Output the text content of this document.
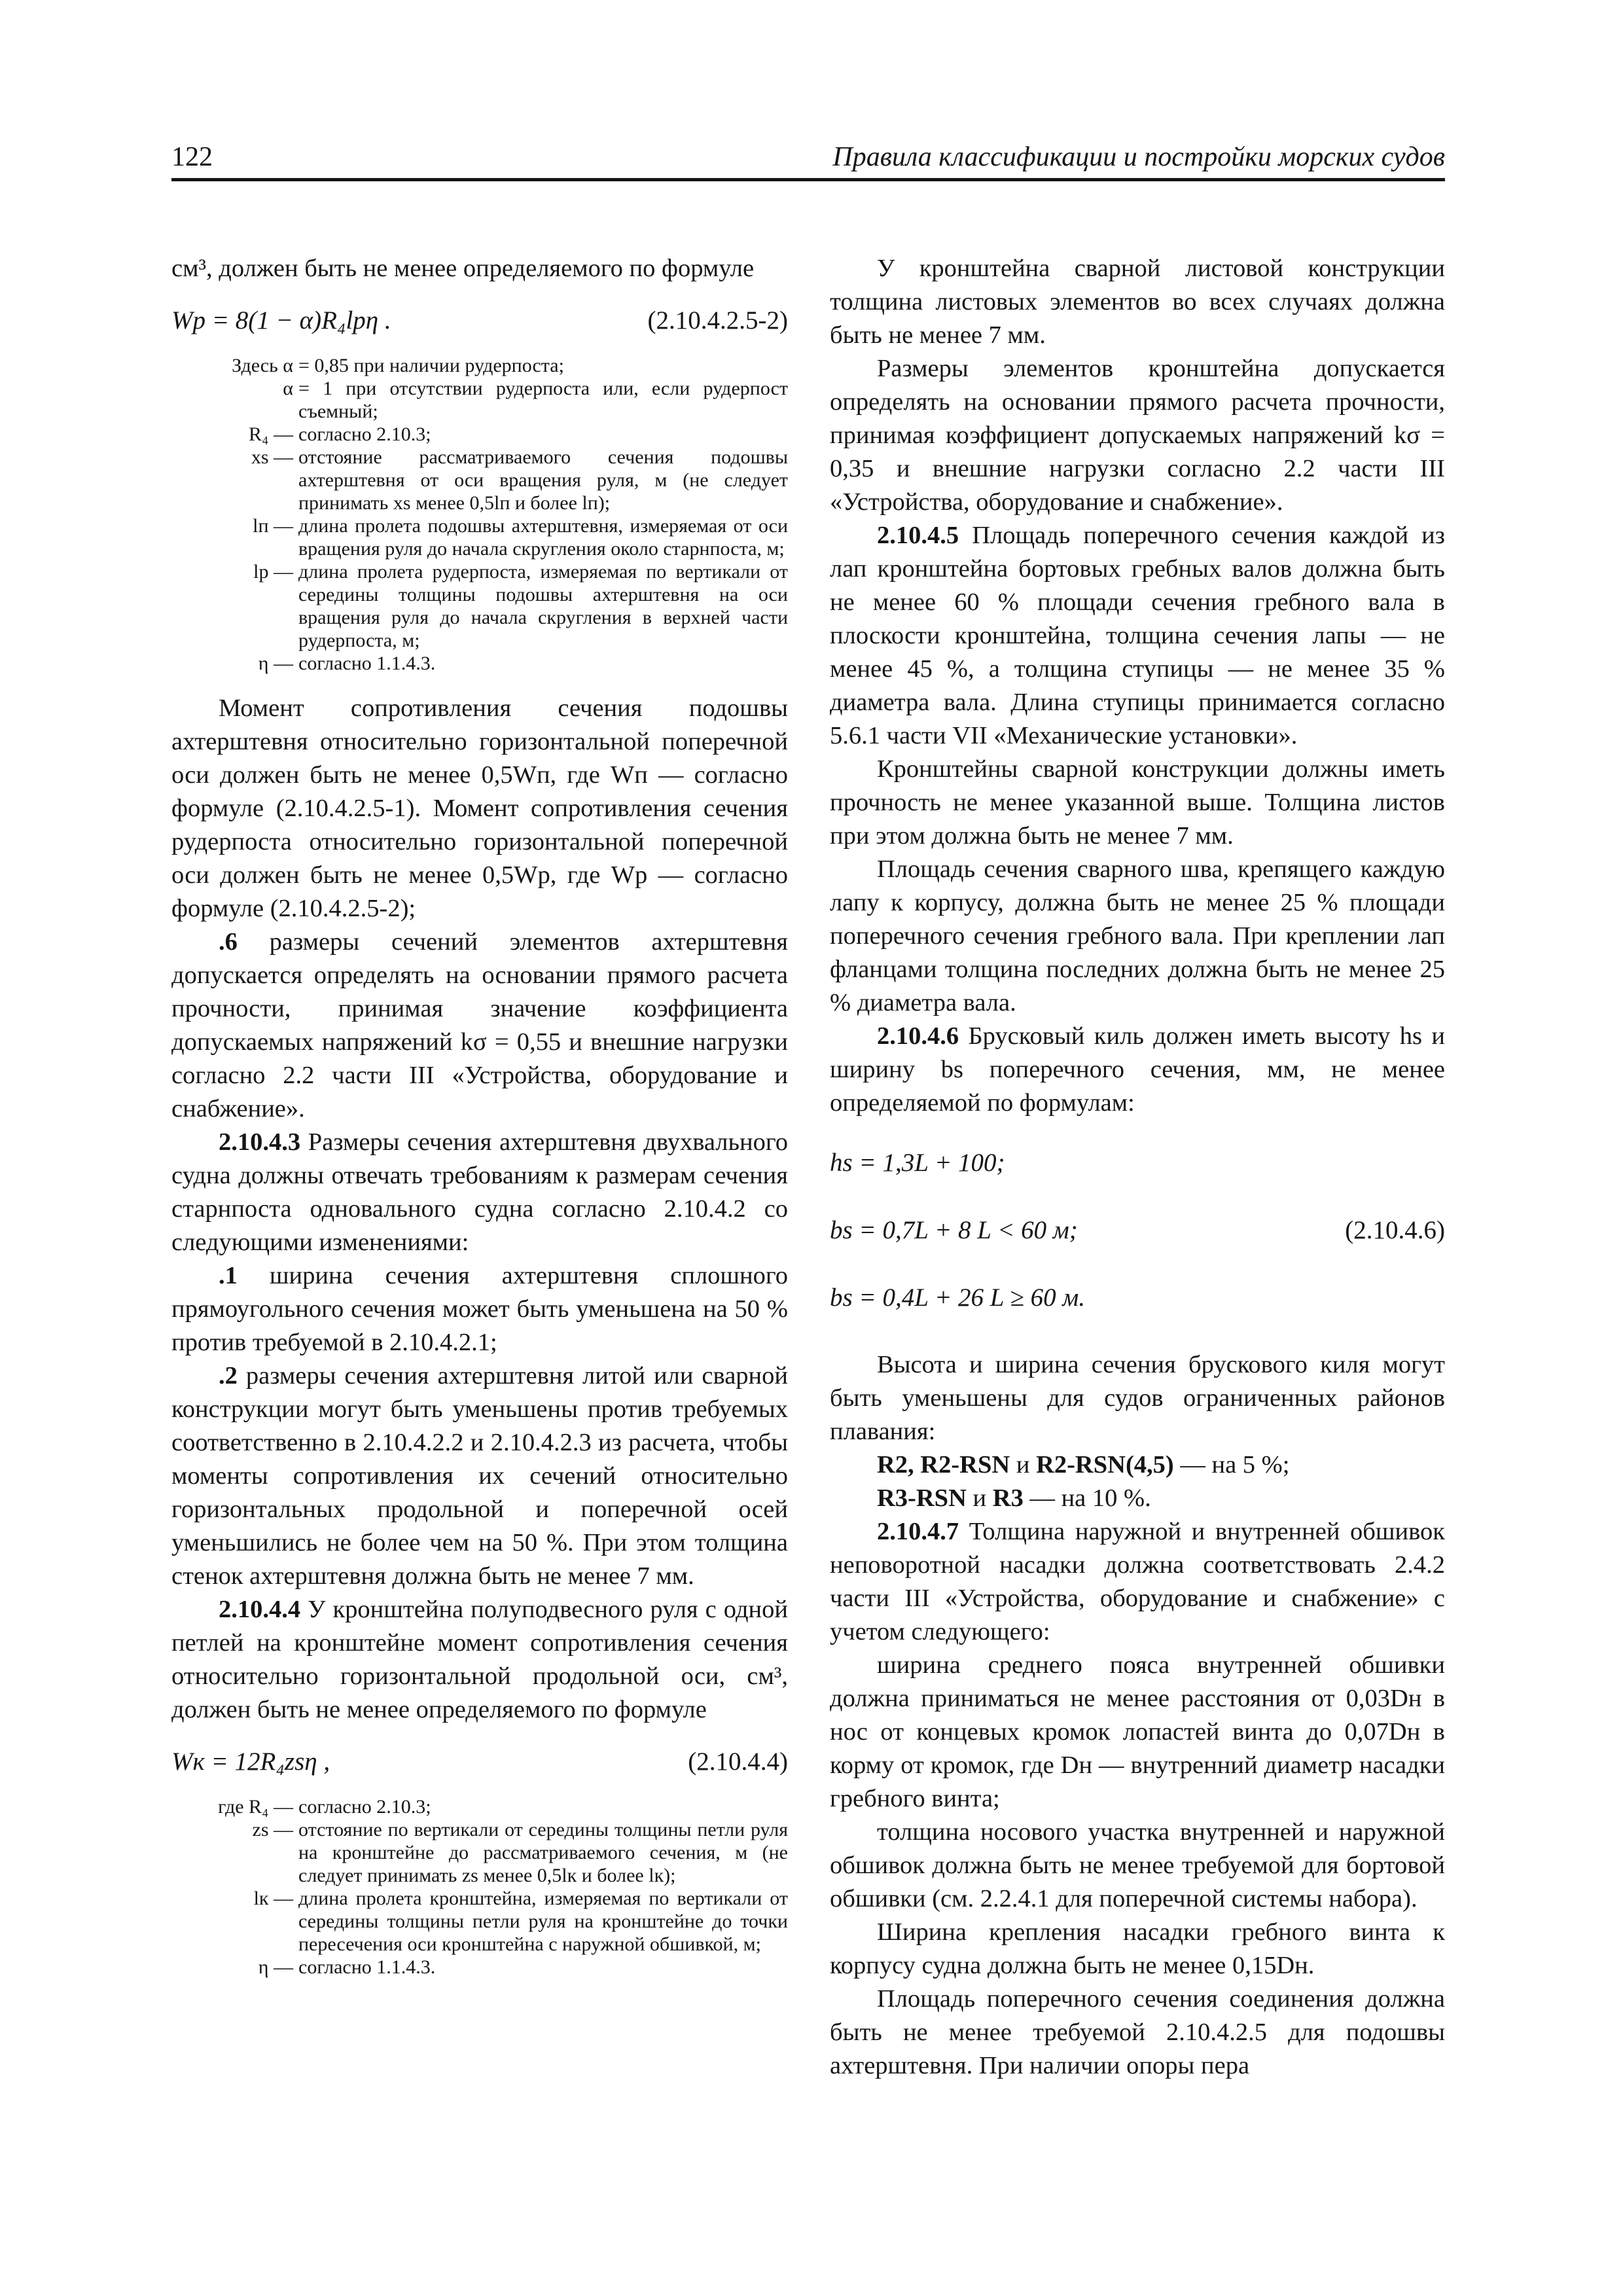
122	Правила классификации и постройки морских судов

см³, должен быть не менее определяемого по формуле

Wр = 8(1 − α)R₄lрη .	(2.10.4.2.5-2)
Здесь α = 0,85 при наличии рудерпоста;
α = 1 при отсутствии рудерпоста или, если рудерпост съемный;
R₄ — согласно 2.10.3;
xs — отстояние рассматриваемого сечения подошвы ахтерштевня от оси вращения руля, м (не следует принимать xs менее 0,5lп и более lп);
lп — длина пролета подошвы ахтерштевня, измеряемая от оси вращения руля до начала скругления около старнпоста, м;
lр — длина пролета рудерпоста, измеряемая по вертикали от середины толщины подошвы ахтерштевня на оси вращения руля до начала скругления в верхней части рудерпоста, м;
η — согласно 1.1.4.3.

Момент сопротивления сечения подошвы ахтерштевня относительно горизонтальной поперечной оси должен быть не менее 0,5Wп, где Wп — согласно формуле (2.10.4.2.5-1). Момент сопротивления сечения рудерпоста относительно горизонтальной поперечной оси должен быть не менее 0,5Wр, где Wр — согласно формуле (2.10.4.2.5-2);

.6 размеры сечений элементов ахтерштевня допускается определять на основании прямого расчета прочности, принимая значение коэффициента допускаемых напряжений kσ = 0,55 и внешние нагрузки согласно 2.2 части III «Устройства, оборудование и снабжение».

2.10.4.3 Размеры сечения ахтерштевня двухвального судна должны отвечать требованиям к размерам сечения старнпоста одновального судна согласно 2.10.4.2 со следующими изменениями:

.1 ширина сечения ахтерштевня сплошного прямоугольного сечения может быть уменьшена на 50 % против требуемой в 2.10.4.2.1;

.2 размеры сечения ахтерштевня литой или сварной конструкции могут быть уменьшены против требуемых соответственно в 2.10.4.2.2 и 2.10.4.2.3 из расчета, чтобы моменты сопротивления их сечений относительно горизонтальных продольной и поперечной осей уменьшились не более чем на 50 %. При этом толщина стенок ахтерштевня должна быть не менее 7 мм.

2.10.4.4 У кронштейна полуподвесного руля с одной петлей на кронштейне момент сопротивления сечения относительно горизонтальной продольной оси, см³, должен быть не менее определяемого по формуле

Wк = 12R₄zsη ,	(2.10.4.4)
где R₄ — согласно 2.10.3;
zs — отстояние по вертикали от середины толщины петли руля на кронштейне до рассматриваемого сечения, м (не следует принимать zs менее 0,5lк и более lк);
lк — длина пролета кронштейна, измеряемая по вертикали от середины толщины петли руля на кронштейне до точки пересечения оси кронштейна с наружной обшивкой, м;
η — согласно 1.1.4.3.

У кронштейна сварной листовой конструкции толщина листовых элементов во всех случаях должна быть не менее 7 мм.

Размеры элементов кронштейна допускается определять на основании прямого расчета прочности, принимая коэффициент допускаемых напряжений kσ = 0,35 и внешние нагрузки согласно 2.2 части III «Устройства, оборудование и снабжение».

2.10.4.5 Площадь поперечного сечения каждой из лап кронштейна бортовых гребных валов должна быть не менее 60 % площади сечения гребного вала в плоскости кронштейна, толщина сечения лапы — не менее 45 %, а толщина ступицы — не менее 35 % диаметра вала. Длина ступицы принимается согласно 5.6.1 части VII «Механические установки».

Кронштейны сварной конструкции должны иметь прочность не менее указанной выше. Толщина листов при этом должна быть не менее 7 мм.

Площадь сечения сварного шва, крепящего каждую лапу к корпусу, должна быть не менее 25 % площади поперечного сечения гребного вала. При креплении лап фланцами толщина последних должна быть не менее 25 % диаметра вала.

2.10.4.6 Брусковый киль должен иметь высоту hs и ширину bs поперечного сечения, мм, не менее определяемой по формулам:

hs = 1,3L + 100;
bs = 0,7L + 8 L < 60 м;	(2.10.4.6)
bs = 0,4L + 26 L ≥ 60 м.

Высота и ширина сечения брускового киля могут быть уменьшены для судов ограниченных районов плавания:

R2, R2-RSN и R2-RSN(4,5) — на 5 %;

R3-RSN и R3 — на 10 %.

2.10.4.7 Толщина наружной и внутренней обшивок неповоротной насадки должна соответствовать 2.4.2 части III «Устройства, оборудование и снабжение» с учетом следующего:

ширина среднего пояса внутренней обшивки должна приниматься не менее расстояния от 0,03Dн в нос от концевых кромок лопастей винта до 0,07Dн в корму от кромок, где Dн — внутренний диаметр насадки гребного винта;

толщина носового участка внутренней и наружной обшивок должна быть не менее требуемой для бортовой обшивки (см. 2.2.4.1 для поперечной системы набора).

Ширина крепления насадки гребного винта к корпусу судна должна быть не менее 0,15Dн.

Площадь поперечного сечения соединения должна быть не менее требуемой 2.10.4.2.5 для подошвы ахтерштевня. При наличии опоры пера
